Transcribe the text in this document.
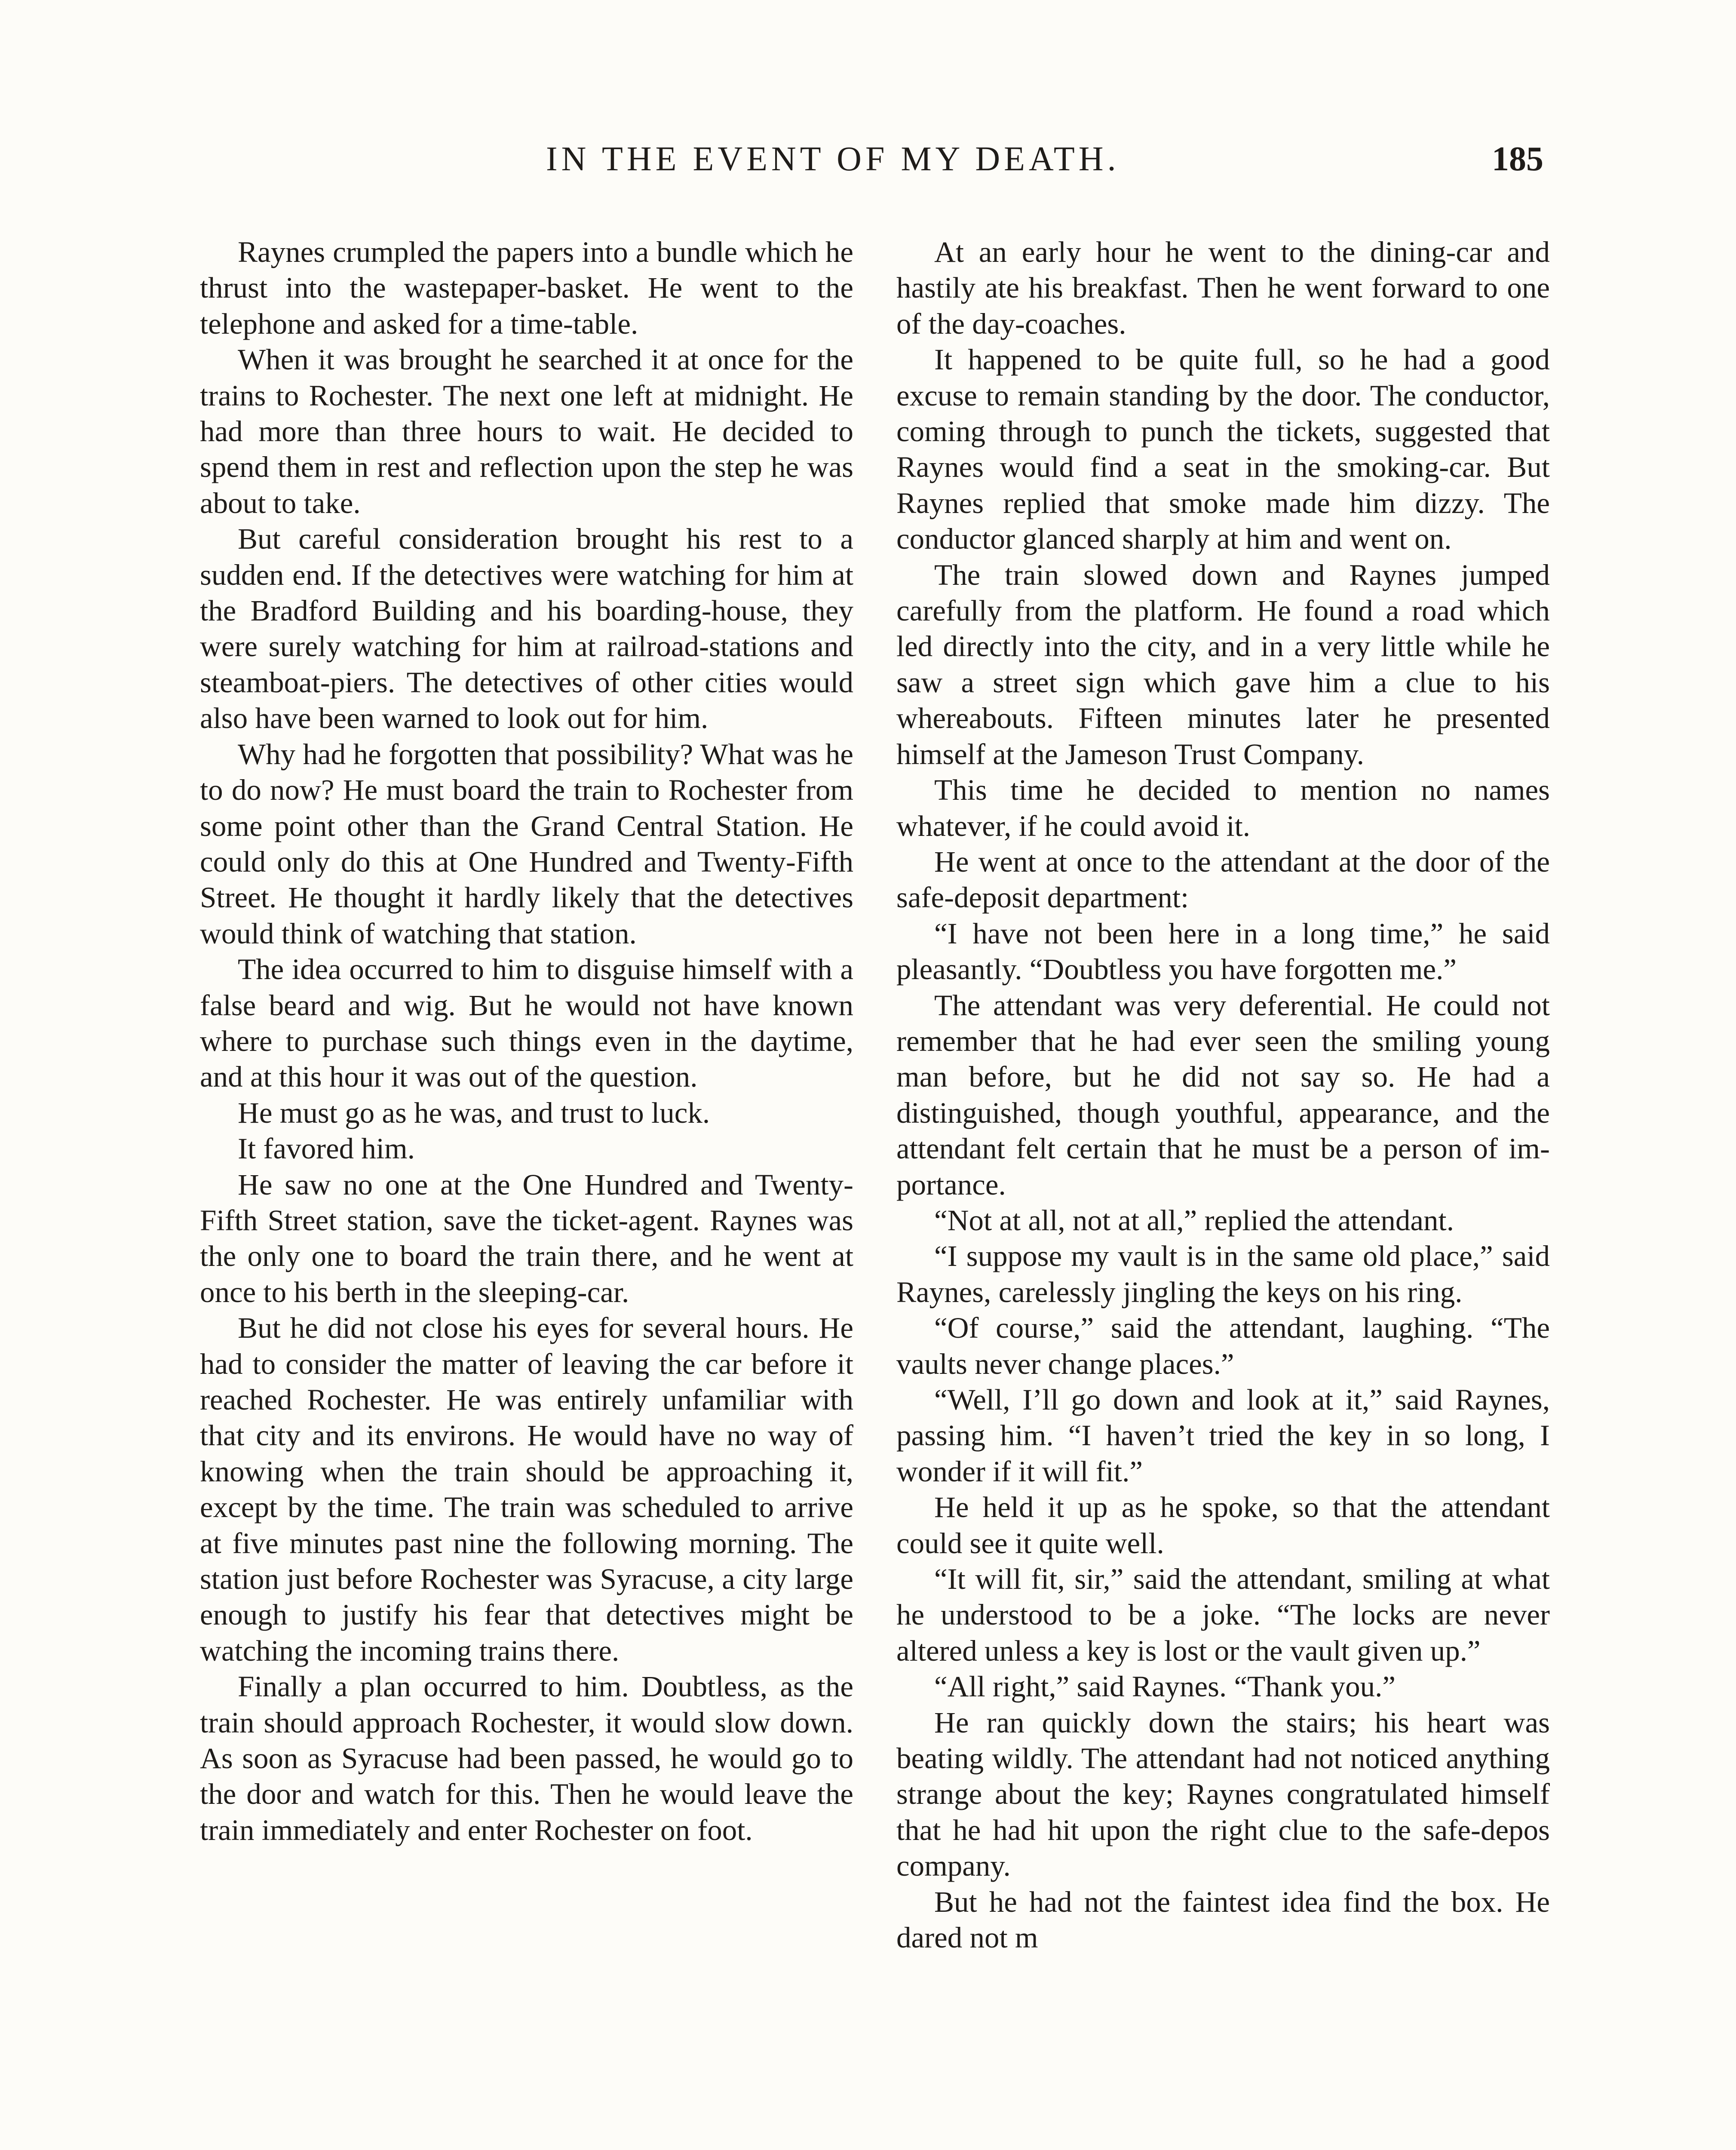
IN THE EVENT OF MY DEATH.	185

Raynes crumpled the papers into a bundle which he thrust into the wastepaper-basket. He went to the telephone and asked for a time-table.

When it was brought he searched it at once for the trains to Rochester. The next one left at midnight. He had more than three hours to wait. He decided to spend them in rest and reflection upon the step he was about to take.

But careful consideration brought his rest to a sudden end. If the detectives were watching for him at the Bradford Building and his boarding-house, they were surely watching for him at railroad-stations and steamboat-piers. The detectives of other cities would also have been warned to look out for him.

Why had he forgotten that possibility? What was he to do now? He must board the train to Rochester from some point other than the Grand Central Station. He could only do this at One Hundred and Twenty-Fifth Street. He thought it hardly likely that the detectives would think of watching that station.

The idea occurred to him to disguise himself with a false beard and wig. But he would not have known where to purchase such things even in the daytime, and at this hour it was out of the question.

He must go as he was, and trust to luck.

It favored him.

He saw no one at the One Hundred and Twenty-Fifth Street station, save the ticket-agent. Raynes was the only one to board the train there, and he went at once to his berth in the sleeping-car.

But he did not close his eyes for several hours. He had to consider the matter of leaving the car before it reached Rochester. He was entirely unfamiliar with that city and its environs. He would have no way of knowing when the train should be approaching it, except by the time. The train was scheduled to arrive at five minutes past nine the following morning. The station just before Rochester was Syracuse, a city large enough to justify his fear that detectives might be watching the incoming trains there.

Finally a plan occurred to him. Doubtless, as the train should approach Rochester, it would slow down. As soon as Syracuse had been passed, he would go to the door and watch for this. Then he would leave the train immediately and enter Rochester on foot.

At an early hour he went to the dining-car and hastily ate his breakfast. Then he went forward to one of the day-coaches.

It happened to be quite full, so he had a good excuse to remain standing by the door. The conductor, coming through to punch the tickets, suggested that Raynes would find a seat in the smoking-car. But Raynes replied that smoke made him dizzy. The conductor glanced sharply at him and went on.

The train slowed down and Raynes jumped carefully from the platform. He found a road which led directly into the city, and in a very little while he saw a street sign which gave him a clue to his whereabouts. Fifteen minutes later he presented himself at the Jameson Trust Company.

This time he decided to mention no names whatever, if he could avoid it.

He went at once to the attendant at the door of the safe-deposit department:

“I have not been here in a long time,” he said pleasantly. “Doubtless you have forgotten me.”

The attendant was very deferential. He could not remember that he had ever seen the smiling young man before, but he did not say so. He had a distinguished, though youthful, appearance, and the attendant felt certain that he must be a person of importance.

“Not at all, not at all,” replied the attendant.

“I suppose my vault is in the same old place,” said Raynes, carelessly jingling the keys on his ring.

“Of course,” said the attendant, laughing. “The vaults never change places.”

“Well, I’ll go down and look at it,” said Raynes, passing him. “I haven’t tried the key in so long, I wonder if it will fit.”

He held it up as he spoke, so that the attendant could see it quite well.

“It will fit, sir,” said the attendant, smiling at what he understood to be a joke. “The locks are never altered unless a key is lost or the vault given up.”

“All right,” said Raynes. “Thank you.”

He ran quickly down the stairs; his heart was beating wildly. The attendant had not noticed anything strange about the key; Raynes congratulated himself that he had hit upon the right clue to the safe-depos company.

But he had not the faintest idea find the box. He dared not m
